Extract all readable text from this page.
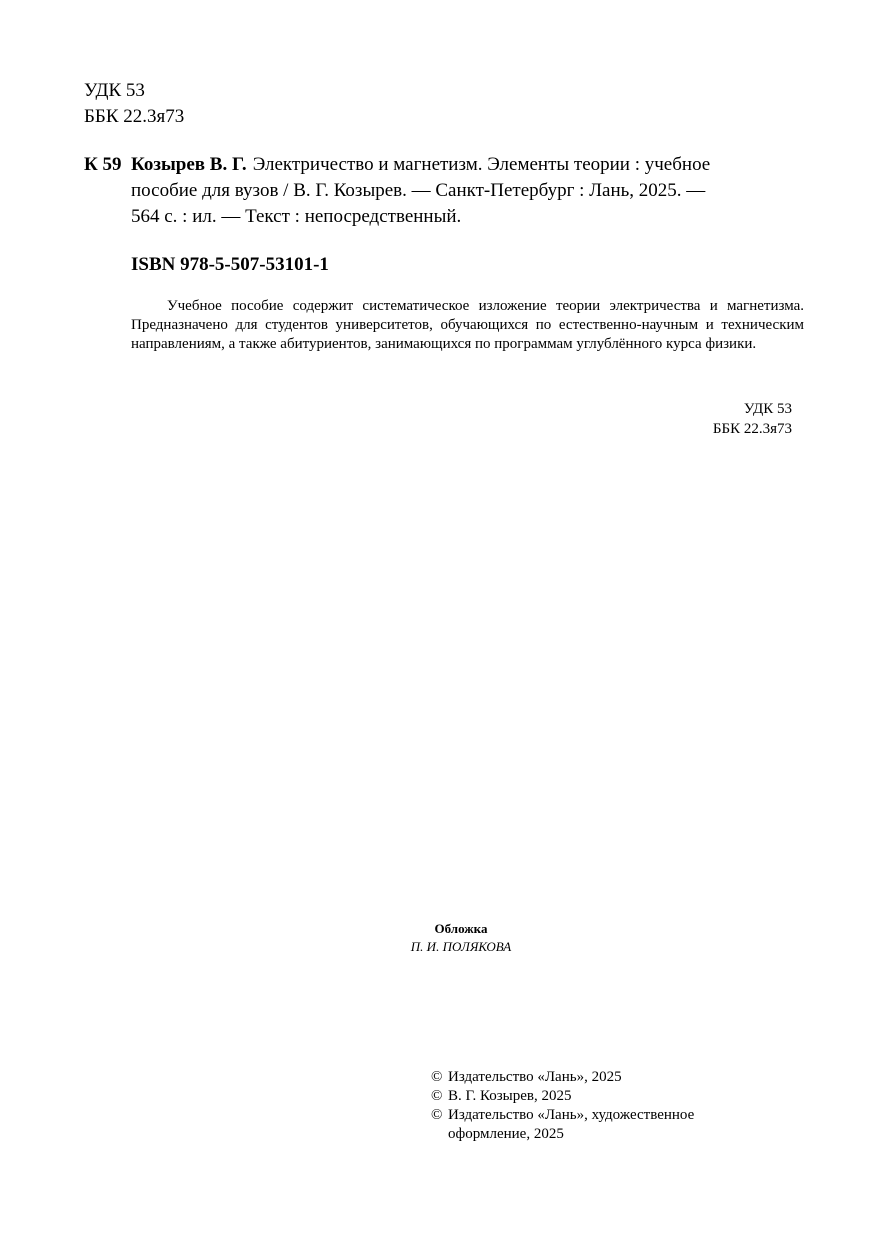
УДК 53
ББК 22.3я73
К 59 Козырев В. Г. Электричество и магнетизм. Элементы теории : учебное
пособие для вузов / В. Г. Козырев. — Санкт-Петербург : Лань, 2025. —
564 с. : ил. — Текст : непосредственный.
ISBN 978-5-507-53101-1
Учебное пособие содержит систематическое изложение теории электричества и магнетизма. Предназначено для студентов университетов, обучающихся по естественно-научным и техническим направлениям, а также абитуриентов, занимающихся по программам углублённого курса физики.
УДК 53
ББК 22.3я73
Обложка
П. И. ПОЛЯКОВА
© Издательство «Лань», 2025
© В. Г. Козырев, 2025
© Издательство «Лань», художественное оформление, 2025
